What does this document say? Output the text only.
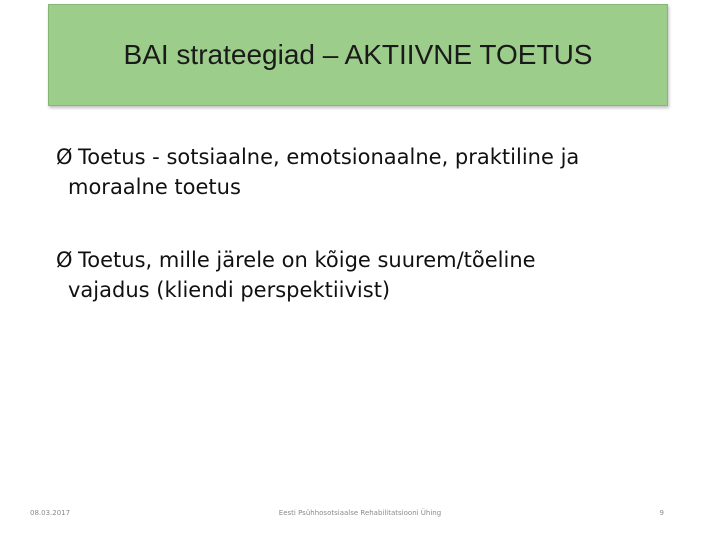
BAI strateegiad – AKTIIVNE TOETUS
Ø Toetus - sotsiaalne, emotsionaalne, praktiline ja
moraalne toetus
Ø Toetus, mille järele on kõige suurem/tõeline
vajadus (kliendi perspektiivist)
Eesti Psühhosotsiaalse Rehabilitatsiooni Ühing
08.03.2017	9
